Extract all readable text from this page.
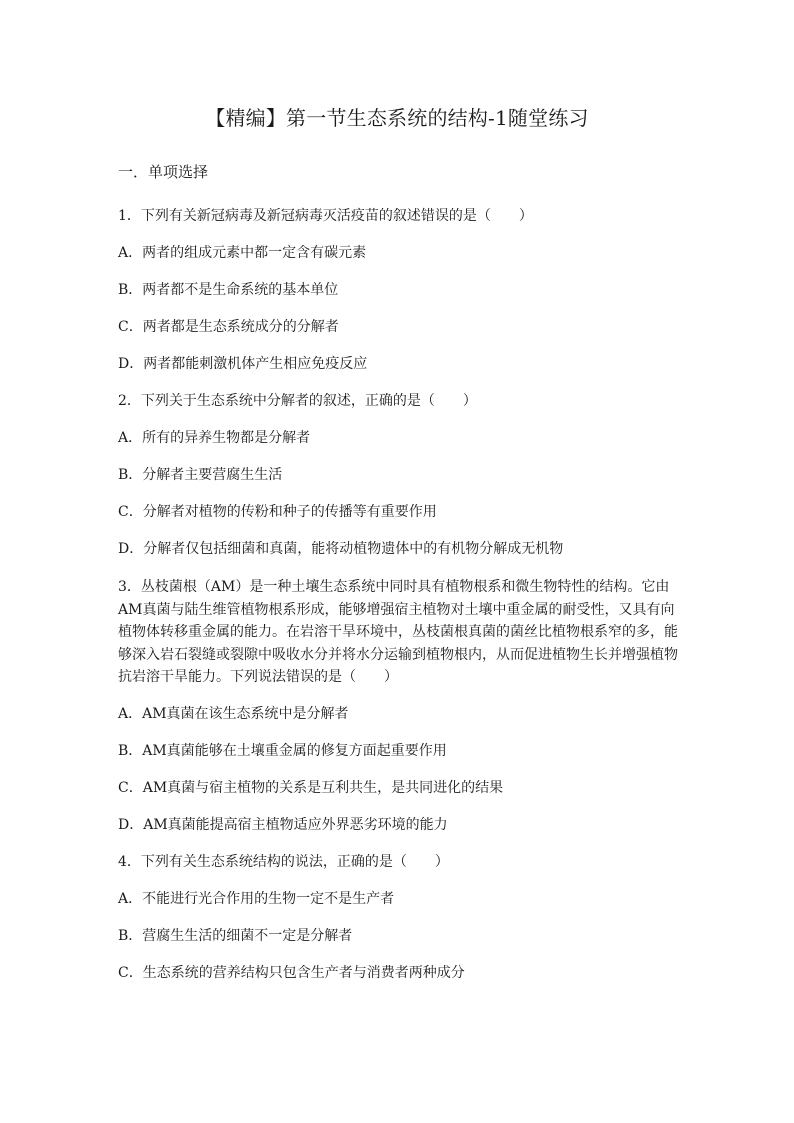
【精编】第一节生态系统的结构-1随堂练习
一．单项选择
1．下列有关新冠病毒及新冠病毒灭活疫苗的叙述错误的是（　　）
A．两者的组成元素中都一定含有碳元素
B．两者都不是生命系统的基本单位
C．两者都是生态系统成分的分解者
D．两者都能刺激机体产生相应免疫反应
2．下列关于生态系统中分解者的叙述，正确的是（　　）
A．所有的异养生物都是分解者
B．分解者主要营腐生生活
C．分解者对植物的传粉和种子的传播等有重要作用
D．分解者仅包括细菌和真菌，能将动植物遗体中的有机物分解成无机物
3．丛枝菌根（AM）是一种土壤生态系统中同时具有植物根系和微生物特性的结构。它由AM真菌与陆生维管植物根系形成，能够增强宿主植物对土壤中重金属的耐受性，又具有向植物体转移重金属的能力。在岩溶干旱环境中，丛枝菌根真菌的菌丝比植物根系窄的多，能够深入岩石裂缝或裂隙中吸收水分并将水分运输到植物根内，从而促进植物生长并增强植物抗岩溶干旱能力。下列说法错误的是（　　）
A．AM真菌在该生态系统中是分解者
B．AM真菌能够在土壤重金属的修复方面起重要作用
C．AM真菌与宿主植物的关系是互利共生，是共同进化的结果
D．AM真菌能提高宿主植物适应外界恶劣环境的能力
4．下列有关生态系统结构的说法，正确的是（　　）
A．不能进行光合作用的生物一定不是生产者
B．营腐生生活的细菌不一定是分解者
C．生态系统的营养结构只包含生产者与消费者两种成分
